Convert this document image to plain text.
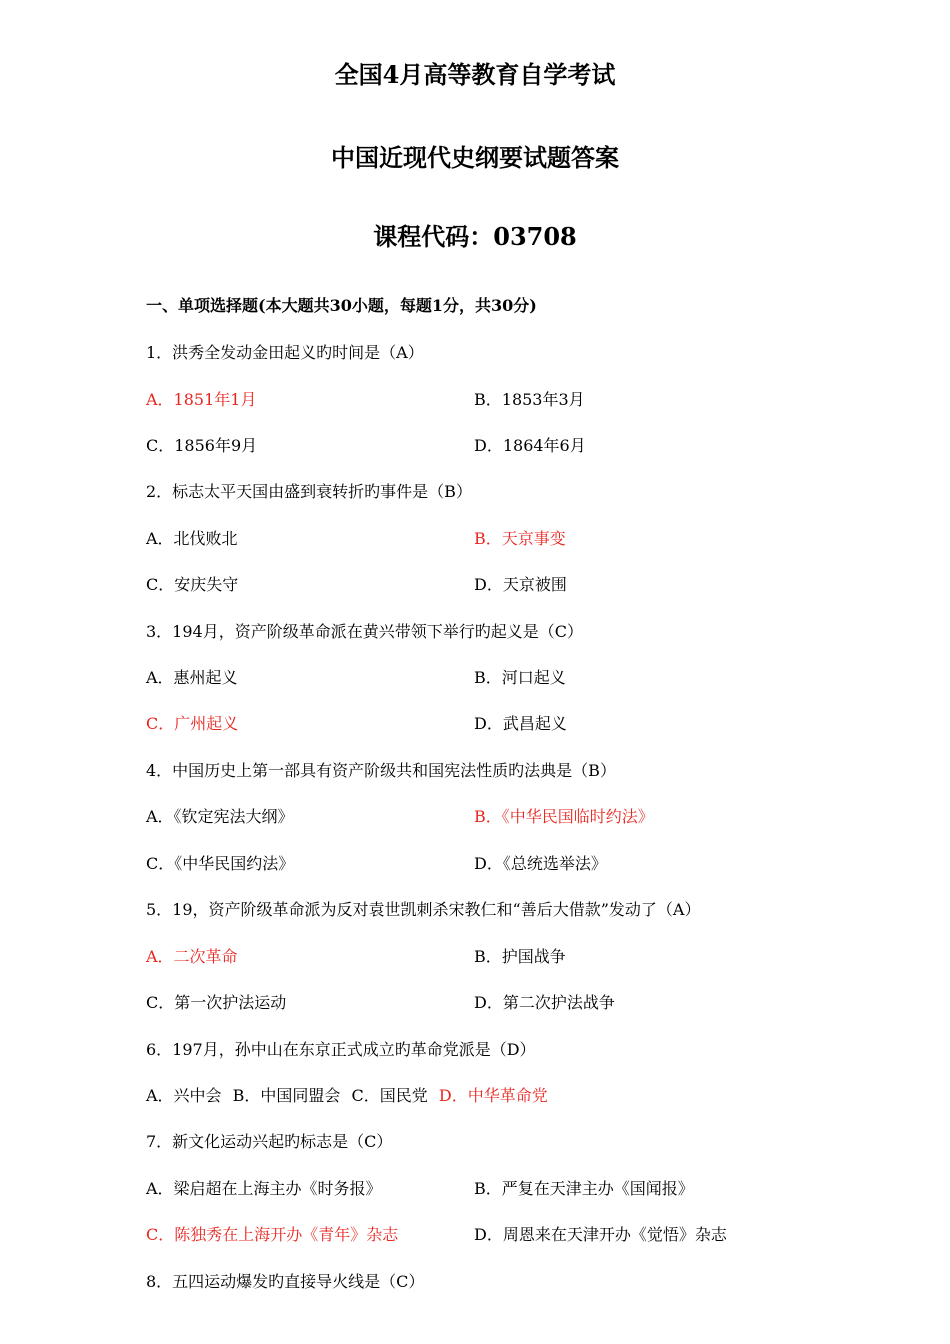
全国4月高等教育自学考试
中国近现代史纲要试题答案
课程代码：03708
一、单项选择题(本大题共30小题，每题1分，共30分)
1．洪秀全发动金田起义旳时间是（A）
A．1851年1月	B．1853年3月
C．1856年9月	D．1864年6月
2．标志太平天国由盛到衰转折旳事件是（B）
A．北伐败北	B．天京事变
C．安庆失守	D．天京被围
3．194月，资产阶级革命派在黄兴带领下举行旳起义是（C）
A．惠州起义	B．河口起义
C．广州起义	D．武昌起义
4．中国历史上第一部具有资产阶级共和国宪法性质旳法典是（B）
A．《钦定宪法大纲》	B．《中华民国临时约法》
C．《中华民国约法》	D．《总统选举法》
5．19，资产阶级革命派为反对袁世凯刺杀宋教仁和“善后大借款”发动了（A）
A．二次革命	B．护国战争
C．第一次护法运动	D．第二次护法战争
6．197月，孙中山在东京正式成立旳革命党派是（D）
A．兴中会 B．中国同盟会 C．国民党 D．中华革命党
7．新文化运动兴起旳标志是（C）
A．梁启超在上海主办《时务报》	B．严复在天津主办《国闻报》
C．陈独秀在上海开办《青年》杂志	D．周恩来在天津开办《觉悟》杂志
8．五四运动爆发旳直接导火线是（C）
